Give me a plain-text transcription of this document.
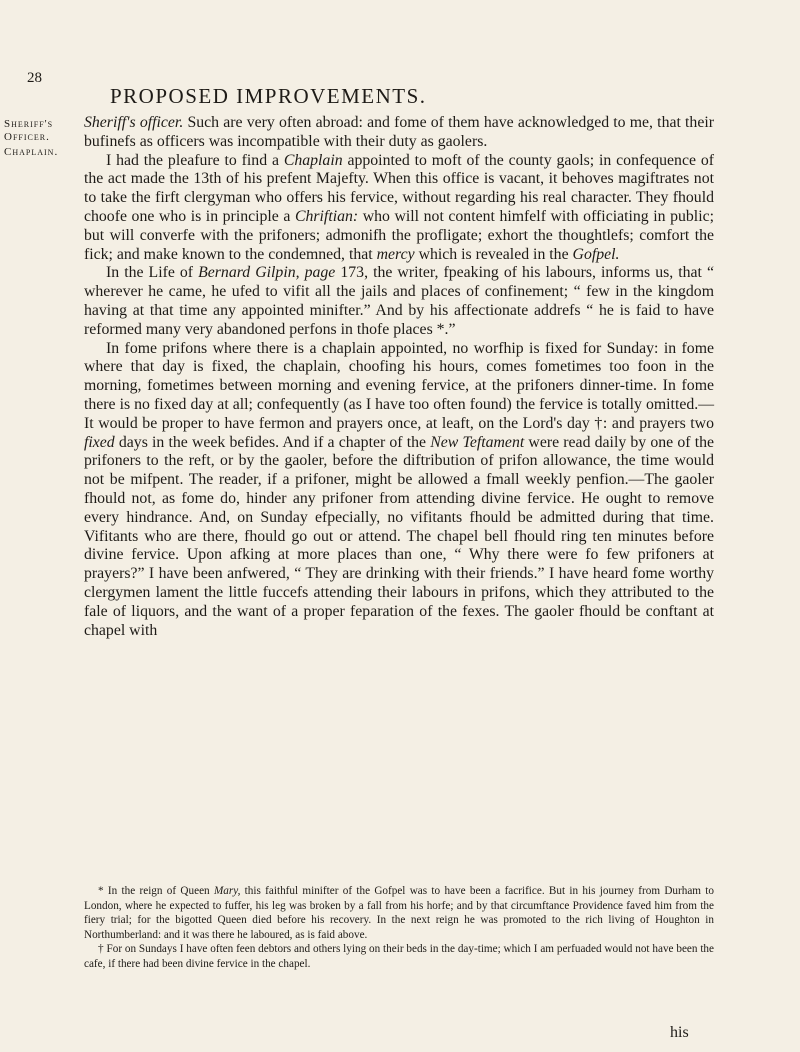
28
PROPOSED IMPROVEMENTS.
Sheriff's Officer.
Chaplain.

Sheriff's officer. Such are very often abroad: and fome of them have acknowledged to me, that their bufinefs as officers was incompatible with their duty as gaolers.

I had the pleafure to find a Chaplain appointed to moft of the county gaols; in confequence of the act made the 13th of his prefent Majefty. When this office is vacant, it behoves magiftrates not to take the firft clergyman who offers his fervice, without regarding his real character. They fhould choofe one who is in principle a Chriftian: who will not content himfelf with officiating in public; but will converfe with the prifoners; admonifh the profligate; exhort the thoughtlefs; comfort the fick; and make known to the condemned, that mercy which is revealed in the Gofpel.

In the Life of Bernard Gilpin, page 173, the writer, fpeaking of his labours, informs us, that “ wherever he came, he ufed to vifit all the jails and places of confinement; “ few in the kingdom having at that time any appointed minifter.” And by his affectionate addrefs “ he is faid to have reformed many very abandoned perfons in thofe places *.”

In fome prifons where there is a chaplain appointed, no worfhip is fixed for Sunday: in fome where that day is fixed, the chaplain, choofing his hours, comes fometimes too foon in the morning, fometimes between morning and evening fervice, at the prifoners dinner-time. In fome there is no fixed day at all; confequently (as I have too often found) the fervice is totally omitted.—It would be proper to have fermon and prayers once, at leaft, on the Lord's day †: and prayers two fixed days in the week befides. And if a chapter of the New Teftament were read daily by one of the prifoners to the reft, or by the gaoler, before the diftribution of prifon allowance, the time would not be mifpent. The reader, if a prifoner, might be allowed a fmall weekly penfion.—The gaoler fhould not, as fome do, hinder any prifoner from attending divine fervice. He ought to remove every hindrance. And, on Sunday efpecially, no vifitants fhould be admitted during that time. Vifitants who are there, fhould go out or attend. The chapel bell fhould ring ten minutes before divine fervice. Upon afking at more places than one, “ Why there were fo few prifoners at prayers?” I have been anfwered, “ They are drinking with their friends.” I have heard fome worthy clergymen lament the little fuccefs attending their labours in prifons, which they attributed to the fale of liquors, and the want of a proper feparation of the fexes. The gaoler fhould be conftant at chapel with

* In the reign of Queen Mary, this faithful minifter of the Gofpel was to have been a facrifice. But in his journey from Durham to London, where he expected to fuffer, his leg was broken by a fall from his horfe; and by that circumftance Providence faved him from the fiery trial; for the bigotted Queen died before his recovery. In the next reign he was promoted to the rich living of Houghton in Northumberland: and it was there he laboured, as is faid above.

† For on Sundays I have often feen debtors and others lying on their beds in the day-time; which I am perfuaded would not have been the cafe, if there had been divine fervice in the chapel.

his
